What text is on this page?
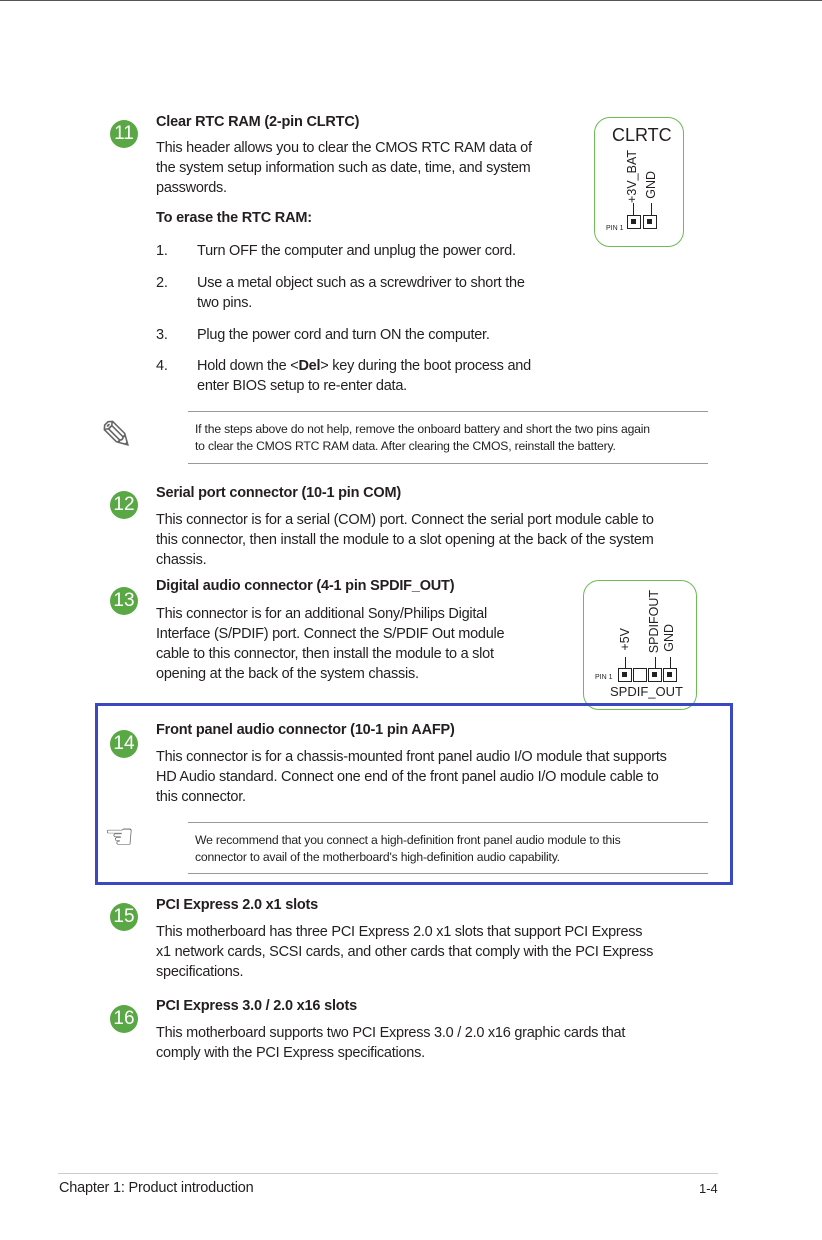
11
Clear RTC RAM (2-pin CLRTC)
This header allows you to clear the CMOS RTC RAM data of
the system setup information such as date, time, and system
passwords.
To erase the RTC RAM:
1. Turn OFF the computer and unplug the power cord.
2. Use a metal object such as a screwdriver to short the
two pins.
3. Plug the power cord and turn ON the computer.
4. Hold down the <Del> key during the boot process and
enter BIOS setup to re-enter data.
CLRTC
+3V_BAT GND
PIN 1
✎	If the steps above do not help, remove the onboard battery and short the two pins again
to clear the CMOS RTC RAM data. After clearing the CMOS, reinstall the battery.
12
Serial port connector (10-1 pin COM)
This connector is for a serial (COM) port. Connect the serial port module cable to
this connector, then install the module to a slot opening at the back of the system
chassis.
13
Digital audio connector (4-1 pin SPDIF_OUT)
This connector is for an additional Sony/Philips Digital
Interface (S/PDIF) port. Connect the S/PDIF Out module
cable to this connector, then install the module to a slot
opening at the back of the system chassis.
+5V SPDIFOUT GND
PIN 1
SPDIF_OUT
14
Front panel audio connector (10-1 pin AAFP)
This connector is for a chassis-mounted front panel audio I/O module that supports
HD Audio standard. Connect one end of the front panel audio I/O module cable to
this connector.
☜	We recommend that you connect a high-definition front panel audio module to this
connector to avail of the motherboard's high-definition audio capability.
15
PCI Express 2.0 x1 slots
This motherboard has three PCI Express 2.0 x1 slots that support PCI Express
x1 network cards, SCSI cards, and other cards that comply with the PCI Express
specifications.
16
PCI Express 3.0 / 2.0 x16 slots
This motherboard supports two PCI Express 3.0 / 2.0 x16 graphic cards that
comply with the PCI Express specifications.
Chapter 1: Product introduction	1-4
